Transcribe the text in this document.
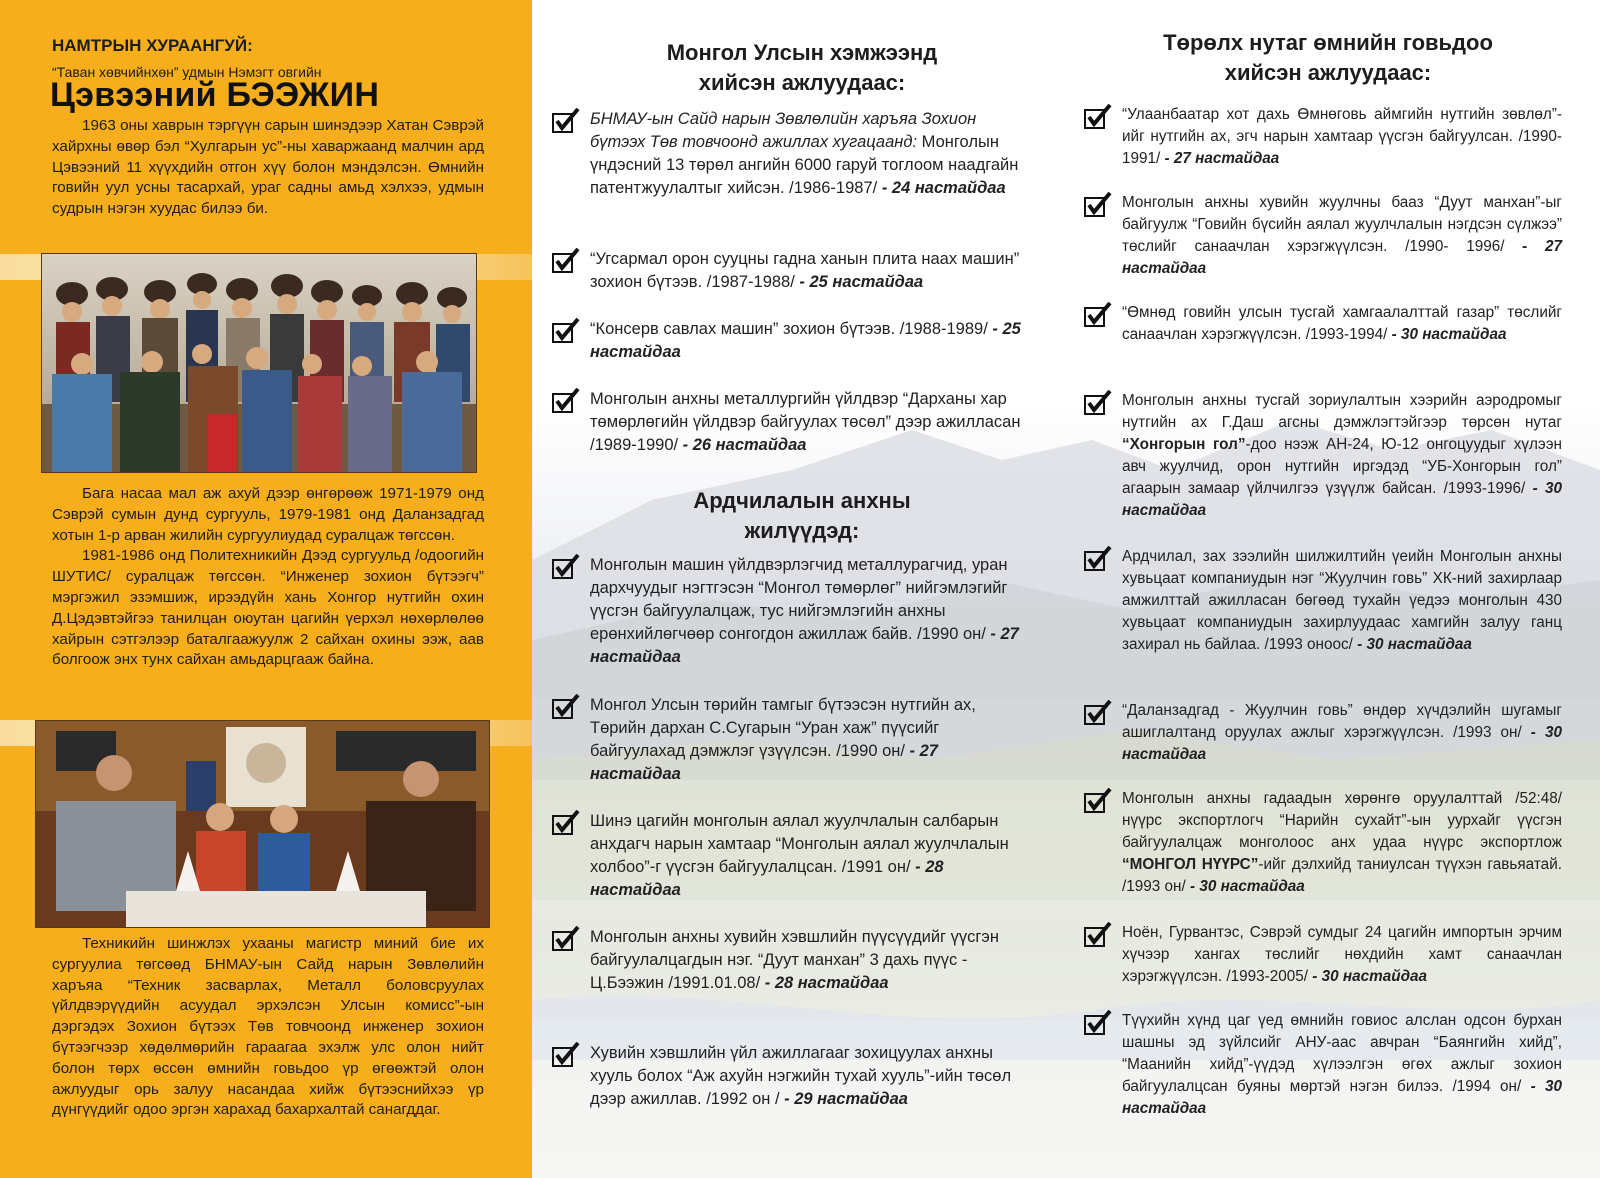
НАМТРЫН ХУРААНГУЙ:
“Таван хөвчийнхөн” удмын Нэмэгт овгийн
Цэвээний БЭЭЖИН
1963 оны хаврын тэргүүн сарын шинэдээр Хатан Сэврэй хайрхны өвөр бэл “Хулгарын ус”-ны хаваржаанд малчин ард Цэвээний 11 хүүхдийн отгон хүү болон мэндэлсэн. Өмнийн говийн уул усны тасархай, ураг садны амьд хэлхээ, удмын судрын нэгэн хуудас билээ би.
Бага насаа мал аж ахуй дээр өнгөрөөж 1971-1979 онд Сэврэй сумын дунд сургууль, 1979-1981 онд Даланзадгад хотын 1-р арван жилийн сургуулиудад суралцаж төгссөн.
1981-1986 онд Политехникийн Дээд сургуульд /одоогийн ШУТИС/ суралцаж төгссөн. “Инженер зохион бүтээгч” мэргэжил эзэмшиж, ирээдүйн хань Хонгор нутгийн охин Д.Цэдэвтэйгээ танилцан оюутан цагийн үерхэл нөхөрлөлөө хайрын сэтгэлээр баталгаажуулж 2 сайхан охины ээж, аав болгоож энх тунх сайхан амьдарцгааж байна.
Техникийн шинжлэх ухааны магистр миний бие их сургуулиа төгсөөд БНМАУ-ын Сайд нарын Зөвлөлийн харъяа “Техник засварлах, Металл боловсруулах үйлдвэрүүдийн асуудал эрхэлсэн Улсын комисс”-ын дэргэдэх Зохион бүтээх Төв товчоонд инженер зохион бүтээгчээр хөдөлмөрийн гараагаа эхэлж улс олон нийт болон төрх өссөн өмнийн говьдоо үр өгөөжтэй олон ажлуудыг орь залуу насандаа хийж бүтээснийхээ үр дүнгүүдийг одоо эргэн харахад бахархалтай санагддаг.
Монгол Улсын хэмжээнд хийсэн ажлуудаас:
БНМАУ-ын Сайд нарын Зөвлөлийн харъяа Зохион бүтээх Төв товчоонд ажиллах хугацаанд: Монголын үндэсний 13 төрөл ангийн 6000 гаруй тоглоом наадгайн патентжуулалтыг хийсэн. /1986-1987/ - 24 настайдаа
“Угсармал орон сууцны гадна ханын плита наах машин” зохион бүтээв. /1987-1988/ - 25 настайдаа
“Консерв савлах машин” зохион бүтээв. /1988-1989/ - 25 настайдаа
Монголын анхны металлургийн үйлдвэр “Дарханы хар төмөрлөгийн үйлдвэр байгуулах төсөл” дээр ажилласан /1989-1990/ - 26 настайдаа
Ардчилалын анхны жилүүдэд:
Монголын машин үйлдвэрлэгчид металлурагчид, уран дархчуудыг нэгтгэсэн “Монгол төмөрлөг” нийгэмлэгийг үүсгэн байгуулалцаж, тус нийгэмлэгийн анхны ерөнхийлөгчөөр сонгогдон ажиллаж байв. /1990 он/ - 27 настайдаа
Монгол Улсын төрийн тамгыг бүтээсэн нутгийн ах, Төрийн дархан С.Сугарын “Уран хаж” пүүсийг байгуулахад дэмжлэг үзүүлсэн. /1990 он/ - 27 настайдаа
Шинэ цагийн монголын аялал жуулчлалын салбарын анхдагч нарын хамтаар “Монголын аялал жуулчлалын холбоо”-г үүсгэн байгуулалцсан. /1991 он/ - 28 настайдаа
Монголын анхны хувийн хэвшлийн пүүсүүдийг үүсгэн байгуулалцагдын нэг. “Дуут манхан” 3 дахь пүүс - Ц.Бээжин /1991.01.08/ - 28 настайдаа
Хувийн хэвшлийн үйл ажиллагааг зохицуулах анхны хууль болох “Аж ахуйн нэгжийн тухай хууль”-ийн төсөл дээр ажиллав. /1992 он / - 29 настайдаа
Төрөлх нутаг өмнийн говьдоо хийсэн ажлуудаас:
“Улаанбаатар хот дахь Өмнөговь аймгийн нутгийн зөвлөл”-ийг нутгийн ах, эгч нарын хамтаар үүсгэн байгуулсан. /1990-1991/ - 27 настайдаа
Монголын анхны хувийн жуулчны бааз “Дуут манхан”-ыг байгуулж “Говийн бүсийн аялал жуулчлалын нэгдсэн сүлжээ” төслийг санаачлан хэрэгжүүлсэн. /1990- 1996/ - 27 настайдаа
“Өмнөд говийн улсын тусгай хамгаалалттай газар” төслийг санаачлан хэрэгжүүлсэн. /1993-1994/ - 30 настайдаа
Монголын анхны тусгай зориулалтын хээрийн аэродромыг нутгийн ах Г.Даш агсны дэмжлэгтэйгээр төрсөн нутаг “Хонгорын гол”-доо нээж АН-24, Ю-12 онгоцуудыг хүлээн авч жуулчид, орон нутгийн иргэдэд “УБ-Хонгорын гол” агаарын замаар үйлчилгээ үзүүлж байсан. /1993-1996/ - 30 настайдаа
Ардчилал, зах зээлийн шилжилтийн үеийн Монголын анхны хувьцаат компаниудын нэг “Жуулчин говь” ХК-ний захирлаар амжилттай ажилласан бөгөөд тухайн үедээ монголын 430 хувьцаат компаниудын захирлуудаас хамгийн залуу ганц захирал нь байлаа. /1993 оноос/ - 30 настайдаа
“Даланзадгад - Жуулчин говь” өндөр хүчдэлийн шугамыг ашиглалтанд оруулах ажлыг хэрэгжүүлсэн. /1993 он/ - 30 настайдаа
Монголын анхны гадаадын хөрөнгө оруулалттай /52:48/ нүүрс экспортлогч “Нарийн сухайт”-ын уурхайг үүсгэн байгуулалцаж монголоос анх удаа нүүрс экспортлож “МОНГОЛ НҮҮРС”-ийг дэлхийд таниулсан түүхэн гавьяатай. /1993 он/ - 30 настайдаа
Ноён, Гурвантэс, Сэврэй сумдыг 24 цагийн импортын эрчим хүчээр хангах төслийг нөхдийн хамт санаачлан хэрэгжүүлсэн. /1993-2005/ - 30 настайдаа
Түүхийн хүнд цаг үед өмнийн говиос алслан одсон бурхан шашны эд зүйлсийг АНУ-аас авчран “Баянгийн хийд”, “Маанийн хийд”-үүдэд хүлээлгэн өгөх ажлыг зохион байгуулалцсан буяны мөртэй нэгэн билээ. /1994 он/ - 30 настайдаа
